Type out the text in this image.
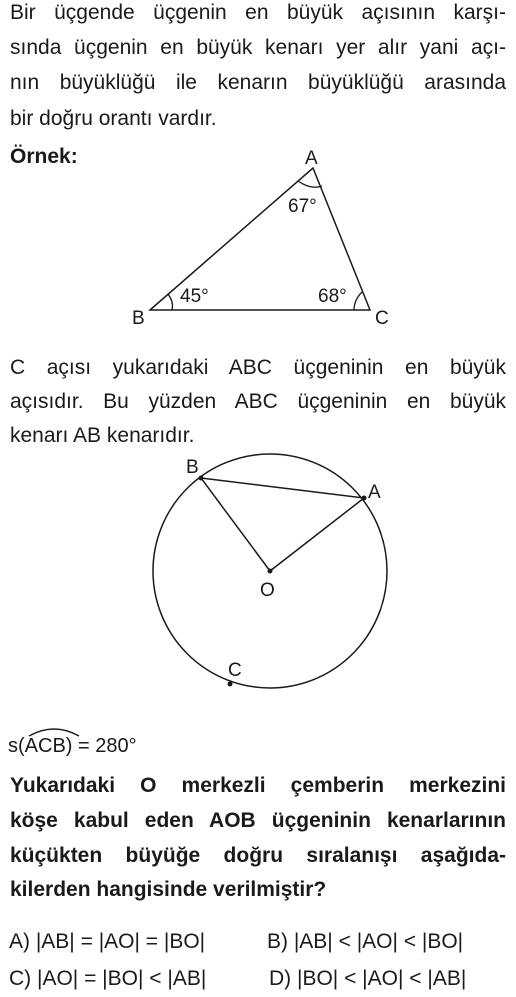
Bir üçgende üçgenin en büyük açısının karşı-
sında üçgenin en büyük kenarı yer alır yani açı-
nın büyüklüğü ile kenarın büyüklüğü arasında
bir doğru orantı vardır.
Örnek:	A
B	C
67°
45°	68°
C açısı yukarıdaki ABC üçgeninin en büyük
açısıdır. Bu yüzden ABC üçgeninin en büyük
kenarı AB kenarıdır.
B
A
O
C
s(ACB) = 280°
Yukarıdaki O merkezli çemberin merkezini
köşe kabul eden AOB üçgeninin kenarlarının
küçükten büyüğe doğru sıralanışı aşağıda-
kilerden hangisinde verilmiştir?
A) |AB| = |AO| = |BO|	B) |AB| < |AO| < |BO|
C) |AO| = |BO| < |AB|	D) |BO| < |AO| < |AB|
